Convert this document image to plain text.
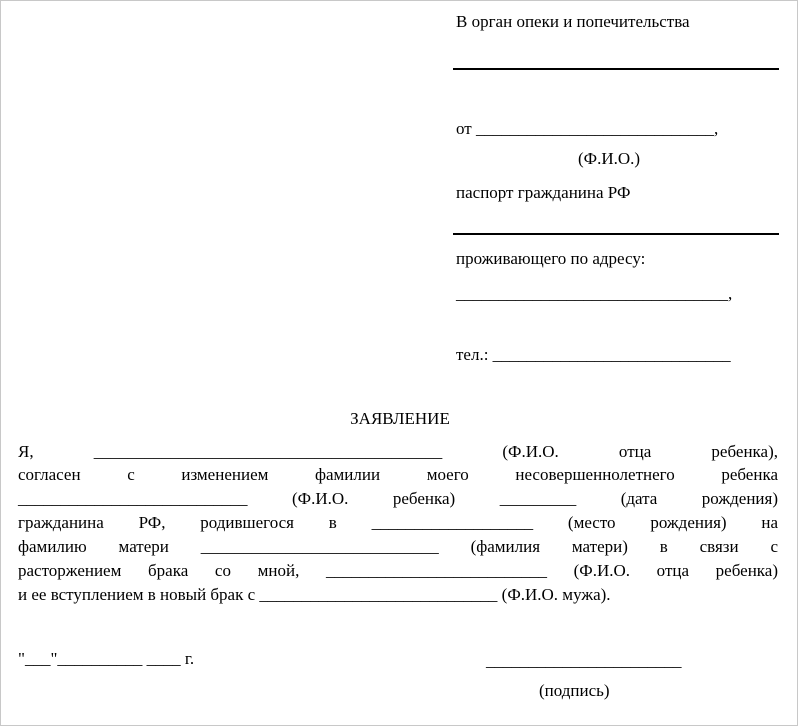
В орган опеки и попечительства
от ____________________________,
(Ф.И.О.)
паспорт гражданина РФ
проживающего по адресу:
________________________________,
тел.: ____________________________
ЗАЯВЛЕНИЕ
Я, _________________________________________ (Ф.И.О. отца ребенка),
согласен с изменением фамилии моего несовершеннолетнего ребенка
___________________________ (Ф.И.О. ребенка) _________ (дата рождения)
гражданина РФ, родившегося в ___________________ (место рождения) на
фамилию матери ____________________________ (фамилия матери) в связи с
расторжением брака со мной, __________________________ (Ф.И.О. отца ребенка)
и ее вступлением в новый брак с ____________________________ (Ф.И.О. мужа).
"___"__________ ____ г.	_______________________
(подпись)
